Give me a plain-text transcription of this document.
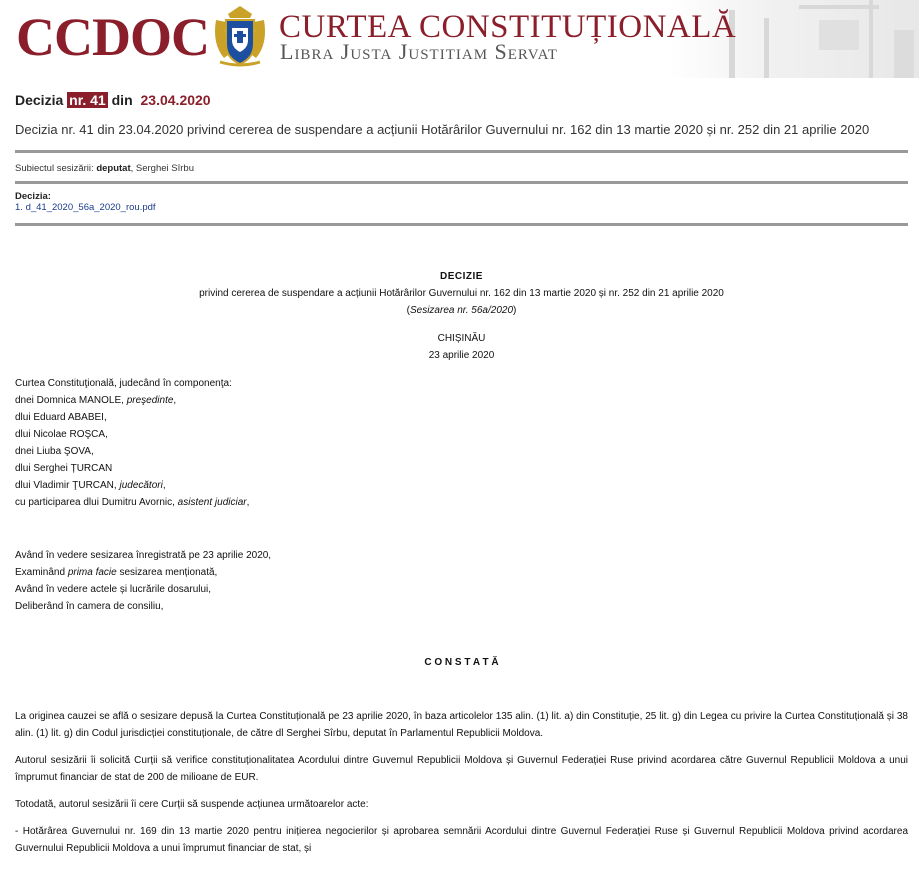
CCDOC CURTEA CONSTITUȚIONALĂ
Libra Justa Justitiam Servat
Decizia nr. 41 din 23.04.2020
Decizia nr. 41 din 23.04.2020 privind cererea de suspendare a acțiunii Hotărârilor Guvernului nr. 162 din 13 martie 2020 și nr. 252 din 21 aprilie 2020
Subiectul sesizării: deputat, Serghei Sîrbu
Decizia:
1. d_41_2020_56a_2020_rou.pdf
DECIZIE
privind cererea de suspendare a acțiunii Hotărârilor Guvernului nr. 162 din 13 martie 2020 și nr. 252 din 21 aprilie 2020
(Sesizarea nr. 56a/2020)
CHIȘINĂU
23 aprilie 2020
Curtea Constituţională, judecând în componenţa:
dnei Domnica MANOLE, preşedinte,
dlui Eduard ABABEI,
dlui Nicolae ROŞCA,
dnei Liuba ŞOVA,
dlui Serghei ȚURCAN
dlui Vladimir ŢURCAN, judecători,
cu participarea dlui Dumitru Avornic, asistent judiciar,
Având în vedere sesizarea înregistrată pe 23 aprilie 2020,
Examinând prima facie sesizarea menționată,
Având în vedere actele și lucrările dosarului,
Deliberând în camera de consiliu,
C O N S T A T Ă
La originea cauzei se află o sesizare depusă la Curtea Constituțională pe 23 aprilie 2020, în baza articolelor 135 alin. (1) lit. a) din Constituție, 25 lit. g) din Legea cu privire la Curtea Constituțională și 38 alin. (1) lit. g) din Codul jurisdicției constituționale, de către dl Serghei Sîrbu, deputat în Parlamentul Republicii Moldova.
Autorul sesizării îi solicită Curții să verifice constituționalitatea Acordului dintre Guvernul Republicii Moldova și Guvernul Federației Ruse privind acordarea către Guvernul Republicii Moldova a unui împrumut financiar de stat de 200 de milioane de EUR.
Totodată, autorul sesizării îi cere Curții să suspende acțiunea următoarelor acte:
- Hotărârea Guvernului nr. 169 din 13 martie 2020 pentru inițierea negocierilor și aprobarea semnării Acordului dintre Guvernul Federației Ruse și Guvernul Republicii Moldova privind acordarea Guvernului Republicii Moldova a unui împrumut financiar de stat, și
